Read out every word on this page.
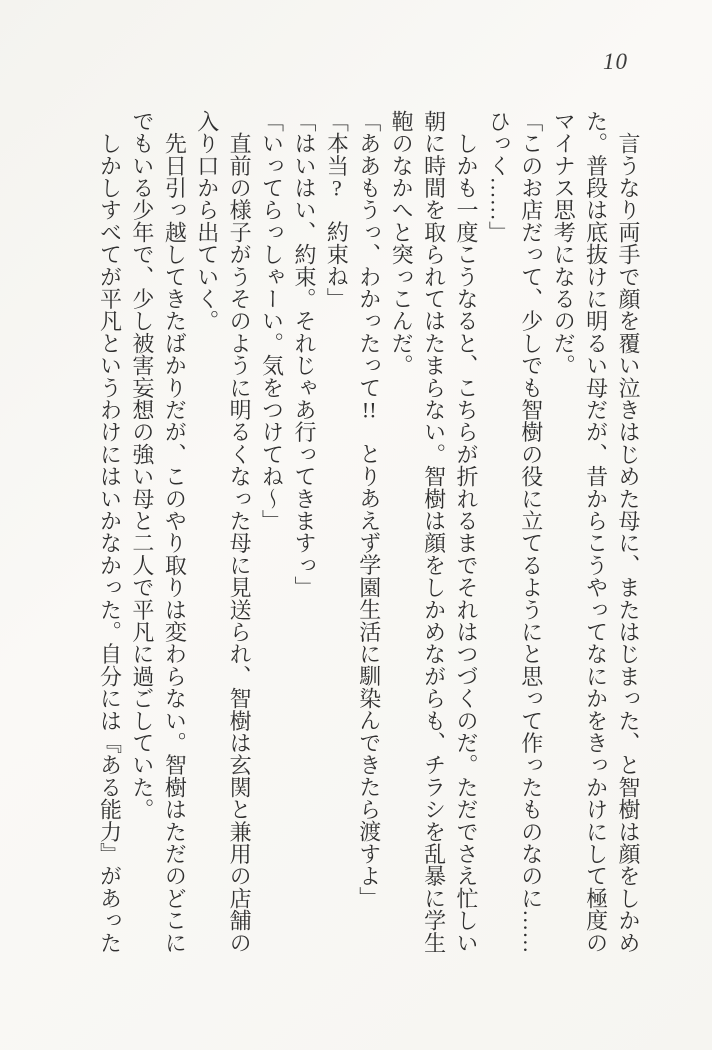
10

　言うなり両手で顔を覆い泣きはじめた母に、またはじまった、と智樹は顔をしかめ

た。普段は底抜けに明るい母だが、昔からこうやってなにかをきっかけにして極度の

マイナス思考になるのだ。

「このお店だって、少しでも智樹の役に立てるようにと思って作ったものなのに……

ひっく……」

　しかも一度こうなると、こちらが折れるまでそれはつづくのだ。ただでさえ忙しい

朝に時間を取られてはたまらない。智樹は顔をしかめながらも、チラシを乱暴に学生

鞄のなかへと突っこんだ。

「ああもうっ、わかったって!!　とりあえず学園生活に馴染んできたら渡すよ」

「本当?　約束ね」

「はいはい、約束。それじゃあ行ってきますっ」

「いってらっしゃーい。気をつけてね〜」

　直前の様子がうそのように明るくなった母に見送られ、智樹は玄関と兼用の店舗の

入り口から出ていく。

　先日引っ越してきたばかりだが、このやり取りは変わらない。智樹はただのどこに

でもいる少年で、少し被害妄想の強い母と二人で平凡に過ごしていた。

　しかしすべてが平凡というわけにはいかなかった。自分には『ある能力』があった
